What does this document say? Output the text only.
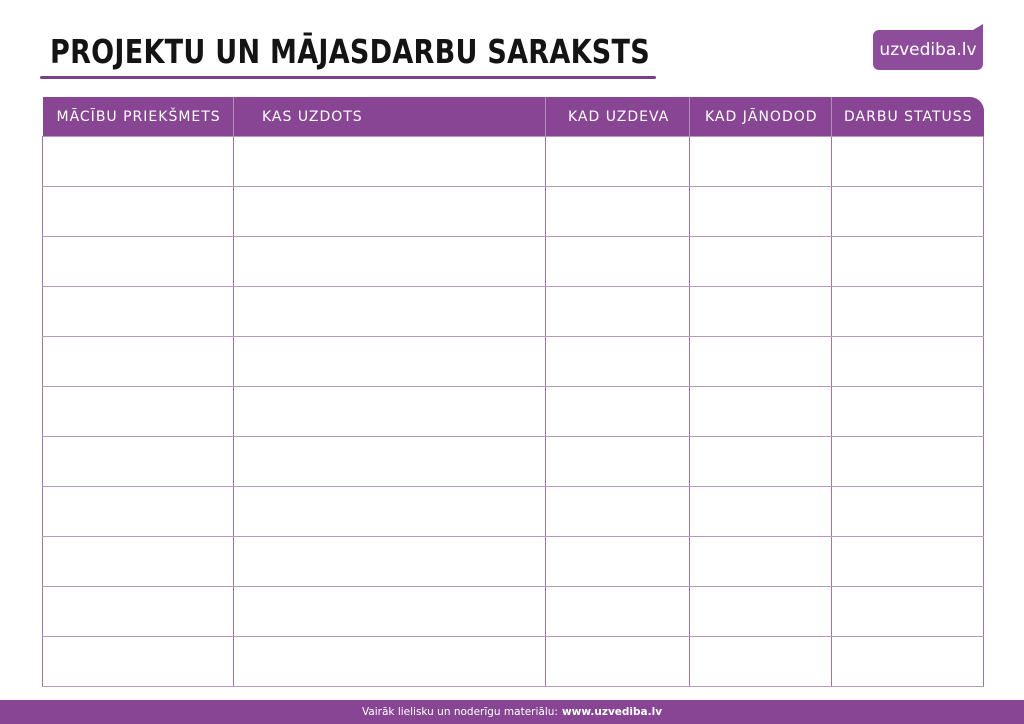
PROJEKTU UN MĀJASDARBU SARAKSTS	uzvediba.lv
MĀCĪBU PRIEKŠMETS	KAS UZDOTS	KAD UZDEVA	KAD JĀNODOD	DARBU STATUSS

Vairāk lielisku un noderīgu materiālu: www.uzvediba.lv
